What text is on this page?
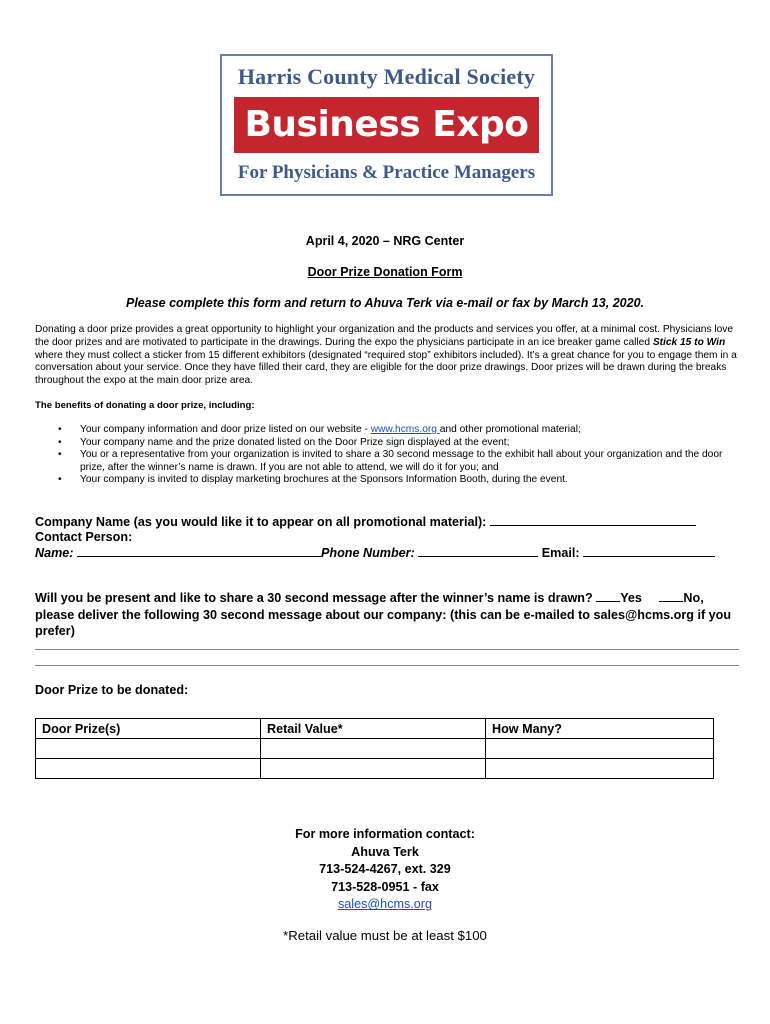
Harris County Medical Society
Business Expo
For Physicians & Practice Managers
April 4, 2020 – NRG Center
Door Prize Donation Form
Please complete this form and return to Ahuva Terk via e-mail or fax by March 13, 2020.
Donating a door prize provides a great opportunity to highlight your organization and the products and services you offer, at a minimal cost. Physicians love the door prizes and are motivated to participate in the drawings. During the expo the physicians participate in an ice breaker game called Stick 15 to Win where they must collect a sticker from 15 different exhibitors (designated “required stop” exhibitors included). It’s a great chance for you to engage them in a conversation about your service. Once they have filled their card, they are eligible for the door prize drawings. Door prizes will be drawn during the breaks throughout the expo at the main door prize area.
The benefits of donating a door prize, including:
• Your company information and door prize listed on our website - www.hcms.org and other promotional material;
• Your company name and the prize donated listed on the Door Prize sign displayed at the event;
• You or a representative from your organization is invited to share a 30 second message to the exhibit hall about your organization and the door prize, after the winner’s name is drawn. If you are not able to attend, we will do it for you; and
• Your company is invited to display marketing brochures at the Sponsors Information Booth, during the event.
Company Name (as you would like it to appear on all promotional material):
Contact Person:
Name:	Phone Number:	Email:
Will you be present and like to share a 30 second message after the winner’s name is drawn? Yes	No, please deliver the following 30 second message about our company: (this can be e-mailed to sales@hcms.org if you prefer)
Door Prize to be donated:
Door Prize(s)	Retail Value*	How Many?

For more information contact:
Ahuva Terk
713-524-4267, ext. 329
713-528-0951 - fax
sales@hcms.org
*Retail value must be at least $100
